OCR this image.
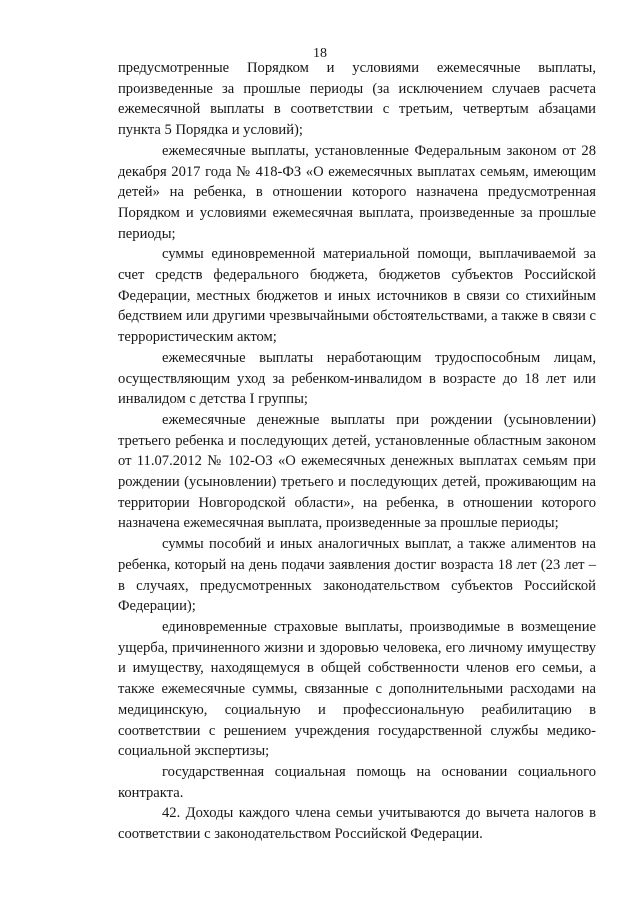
18

предусмотренные Порядком и условиями ежемесячные выплаты, произведенные за прошлые периоды (за исключением случаев расчета ежемесячной выплаты в соответствии с третьим, четвертым абзацами пункта 5 Порядка и условий);

ежемесячные выплаты, установленные Федеральным законом от 28 декабря 2017 года № 418-ФЗ «О ежемесячных выплатах семьям, имеющим детей» на ребенка, в отношении которого назначена предусмотренная Порядком и условиями ежемесячная выплата, произведенные за прошлые периоды;

суммы единовременной материальной помощи, выплачиваемой за счет средств федерального бюджета, бюджетов субъектов Российской Федерации, местных бюджетов и иных источников в связи со стихийным бедствием или другими чрезвычайными обстоятельствами, а также в связи с террористическим актом;

ежемесячные выплаты неработающим трудоспособным лицам, осуществляющим уход за ребенком-инвалидом в возрасте до 18 лет или инвалидом с детства I группы;

ежемесячные денежные выплаты при рождении (усыновлении) третьего ребенка и последующих детей, установленные областным законом от 11.07.2012 № 102-ОЗ «О ежемесячных денежных выплатах семьям при рождении (усыновлении) третьего и последующих детей, проживающим на территории Новгородской области», на ребенка, в отношении которого назначена ежемесячная выплата, произведенные за прошлые периоды;

суммы пособий и иных аналогичных выплат, а также алиментов на ребенка, который на день подачи заявления достиг возраста 18 лет (23 лет – в случаях, предусмотренных законодательством субъектов Российской Федерации);

единовременные страховые выплаты, производимые в возмещение ущерба, причиненного жизни и здоровью человека, его личному имуществу и имуществу, находящемуся в общей собственности членов его семьи, а также ежемесячные суммы, связанные с дополнительными расходами на медицинскую, социальную и профессиональную реабилитацию в соответствии с решением учреждения государственной службы медико-социальной экспертизы;

государственная социальная помощь на основании социального контракта.

42. Доходы каждого члена семьи учитываются до вычета налогов в соответствии с законодательством Российской Федерации.
